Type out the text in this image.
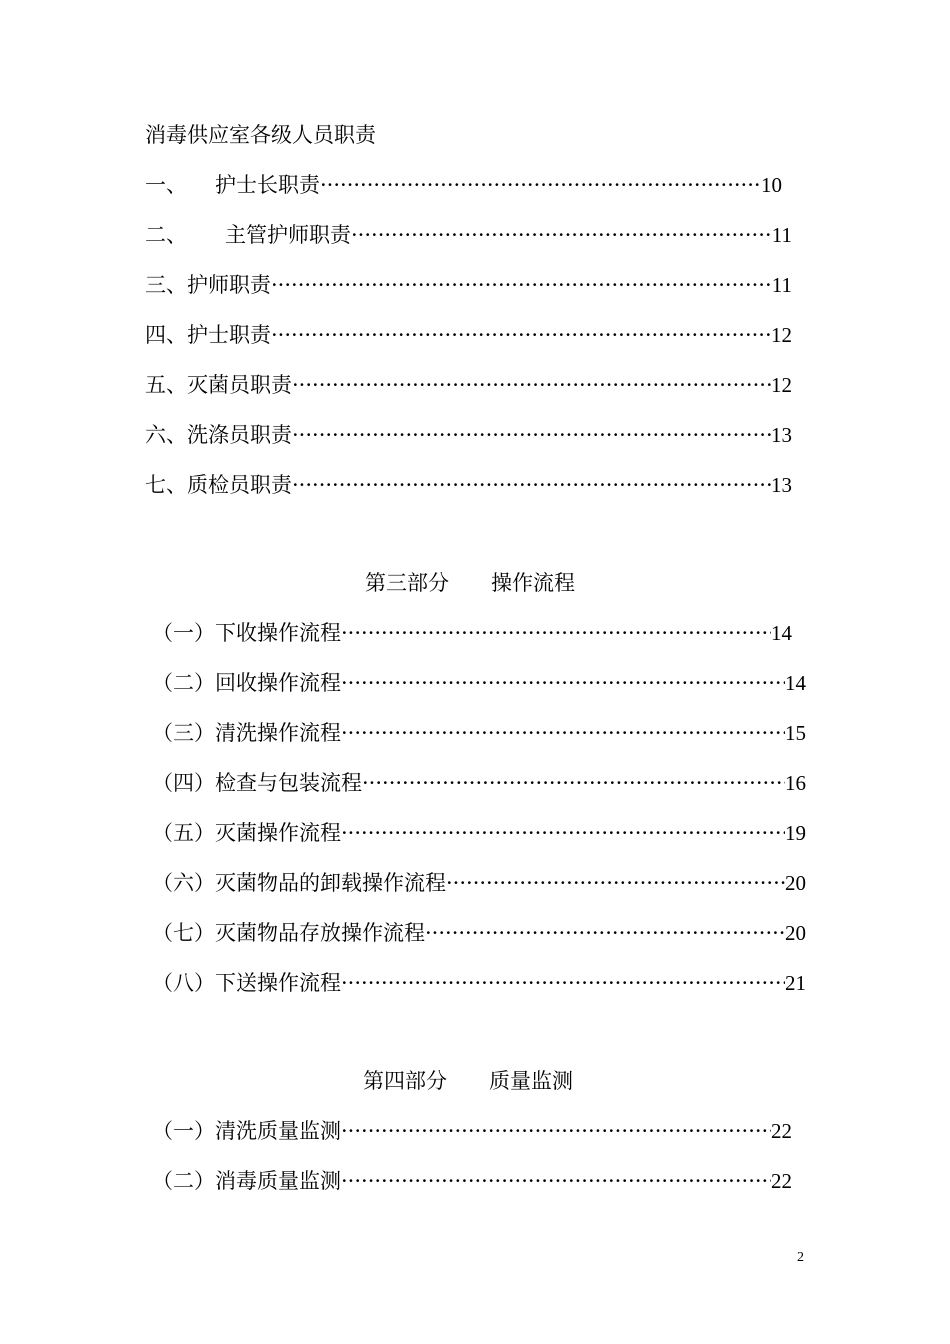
消毒供应室各级人员职责
一、 护士长职责 ·····	10
二、 主管护师职责 ·····	11
三、 护师职责 ·····	11
四、 护士职责 ·····	12
五、 灭菌员职责 ·····	12
六、 洗涤员职责 ·····	13
七、 质检员职责 ·····	13
第三部分　　操作流程
（一） 下收操作流程 ·····	14
（二） 回收操作流程 ·····	14
（三） 清洗操作流程 ·····	15
（四） 检查与包装流程 ·····	16
（五） 灭菌操作流程 ·····	19
（六） 灭菌物品的卸载操作流程 ·····	20
（七） 灭菌物品存放操作流程 ·····	20
（八） 下送操作流程 ·····	21
第四部分　　质量监测
（一） 清洗质量监测 ·····	22
（二） 消毒质量监测 ·····	22
2
